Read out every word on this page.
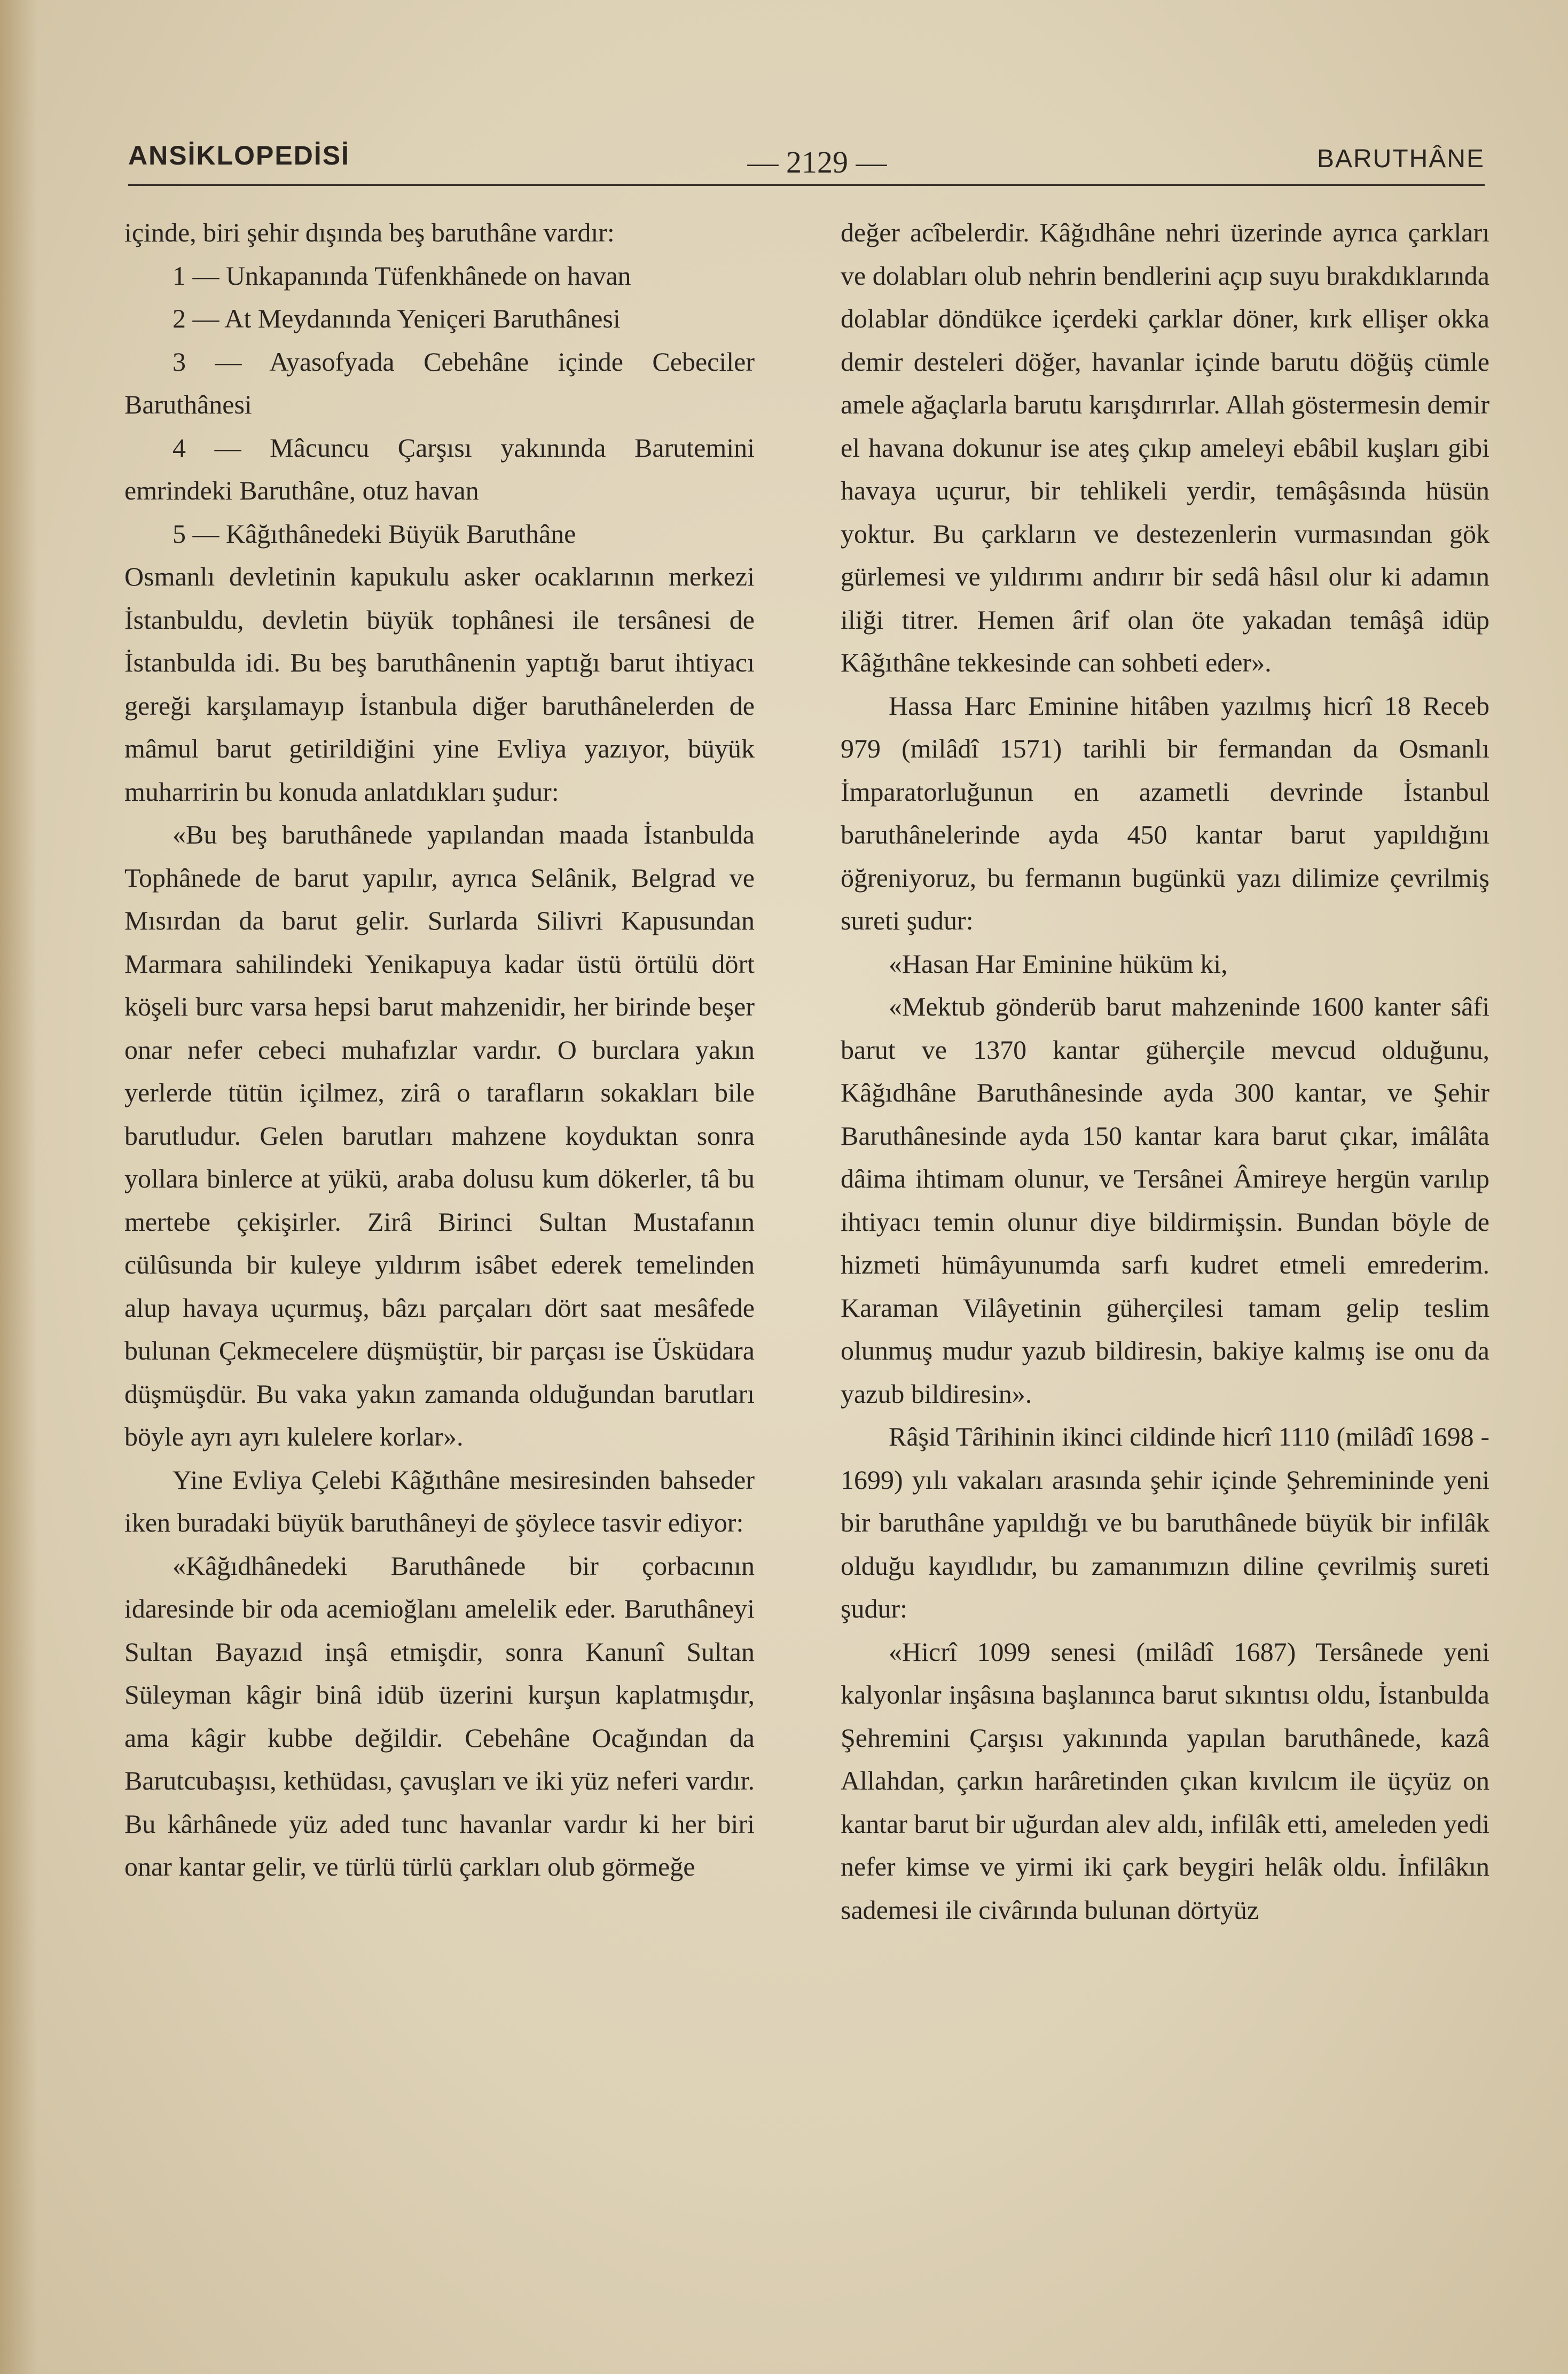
ANSİKLOPEDİSİ	— 2129 —	BARUTHÂNE

içinde, biri şehir dışında beş baruthâne vardır:

1 — Unkapanında Tüfenkhânede on havan

2 — At Meydanında Yeniçeri Baruthânesi

3 — Ayasofyada Cebehâne içinde Cebeciler Baruthânesi

4 — Mâcuncu Çarşısı yakınında Barutemini emrindeki Baruthâne, otuz havan

5 — Kâğıthânedeki Büyük Baruthâne

Osmanlı devletinin kapukulu asker ocaklarının merkezi İstanbuldu, devletin büyük tophânesi ile tersânesi de İstanbulda idi. Bu beş baruthânenin yaptığı barut ihtiyacı gereği karşılamayıp İstanbula diğer baruthânelerden de mâmul barut getirildiğini yine Evliya yazıyor, büyük muharririn bu konuda anlatdıkları şudur:

«Bu beş baruthânede yapılandan maada İstanbulda Tophânede de barut yapılır, ayrıca Selânik, Belgrad ve Mısırdan da barut gelir. Surlarda Silivri Kapusundan Marmara sahilindeki Yenikapuya kadar üstü örtülü dört köşeli burc varsa hepsi barut mahzenidir, her birinde beşer onar nefer cebeci muhafızlar vardır. O burclara yakın yerlerde tütün içilmez, zirâ o tarafların sokakları bile barutludur. Gelen barutları mahzene koyduktan sonra yollara binlerce at yükü, araba dolusu kum dökerler, tâ bu mertebe çekişirler. Zirâ Birinci Sultan Mustafanın cülûsunda bir kuleye yıldırım isâbet ederek temelinden alup havaya uçurmuş, bâzı parçaları dört saat mesâfede bulunan Çekmecelere düşmüştür, bir parçası ise Üsküdara düşmüşdür. Bu vaka yakın zamanda olduğundan barutları böyle ayrı ayrı kulelere korlar».

Yine Evliya Çelebi Kâğıthâne mesiresinden bahseder iken buradaki büyük baruthâneyi de şöylece tasvir ediyor:

«Kâğıdhânedeki Baruthânede bir çorbacının idaresinde bir oda acemioğlanı amelelik eder. Baruthâneyi Sultan Bayazıd inşâ etmişdir, sonra Kanunî Sultan Süleyman kâgir binâ idüb üzerini kurşun kaplatmışdır, ama kâgir kubbe değildir. Cebehâne Ocağından da Barutcubaşısı, kethüdası, çavuşları ve iki yüz neferi vardır. Bu kârhânede yüz aded tunc havanlar vardır ki her biri onar kantar gelir, ve türlü türlü çarkları olub görmeğe

değer acîbelerdir. Kâğıdhâne nehri üzerinde ayrıca çarkları ve dolabları olub nehrin bendlerini açıp suyu bırakdıklarında dolablar döndükce içerdeki çarklar döner, kırk ellişer okka demir desteleri döğer, havanlar içinde barutu döğüş cümle amele ağaçlarla barutu karışdırırlar. Allah göstermesin demir el havana dokunur ise ateş çıkıp ameleyi ebâbil kuşları gibi havaya uçurur, bir tehlikeli yerdir, temâşâsında hüsün yoktur. Bu çarkların ve destezenlerin vurmasından gök gürlemesi ve yıldırımı andırır bir sedâ hâsıl olur ki adamın iliği titrer. Hemen ârif olan öte yakadan temâşâ idüp Kâğıthâne tekkesinde can sohbeti eder».

Hassa Harc Eminine hitâben yazılmış hicrî 18 Receb 979 (milâdî 1571) tarihli bir fermandan da Osmanlı İmparatorluğunun en azametli devrinde İstanbul baruthânelerinde ayda 450 kantar barut yapıldığını öğreniyoruz, bu fermanın bugünkü yazı dilimize çevrilmiş sureti şudur:

«Hasan Har Eminine hüküm ki,

«Mektub gönderüb barut mahzeninde 1600 kanter sâfi barut ve 1370 kantar güherçile mevcud olduğunu, Kâğıdhâne Baruthânesinde ayda 300 kantar, ve Şehir Baruthânesinde ayda 150 kantar kara barut çıkar, imâlâta dâima ihtimam olunur, ve Tersânei Âmireye hergün varılıp ihtiyacı temin olunur diye bildirmişsin. Bundan böyle de hizmeti hümâyunumda sarfı kudret etmeli emrederim. Karaman Vilâyetinin güherçilesi tamam gelip teslim olunmuş mudur yazub bildiresin, bakiye kalmış ise onu da yazub bildiresin».

Râşid Târihinin ikinci cildinde hicrî 1110 (milâdî 1698 - 1699) yılı vakaları arasında şehir içinde Şehremininde yeni bir baruthâne yapıldığı ve bu baruthânede büyük bir infilâk olduğu kayıdlıdır, bu zamanımızın diline çevrilmiş sureti şudur:

«Hicrî 1099 senesi (milâdî 1687) Tersânede yeni kalyonlar inşâsına başlanınca barut sıkıntısı oldu, İstanbulda Şehremini Çarşısı yakınında yapılan baruthânede, kazâ Allahdan, çarkın harâretinden çıkan kıvılcım ile üçyüz on kantar barut bir uğurdan alev aldı, infilâk etti, ameleden yedi nefer kimse ve yirmi iki çark beygiri helâk oldu. İnfilâkın sademesi ile civârında bulunan dörtyüz
